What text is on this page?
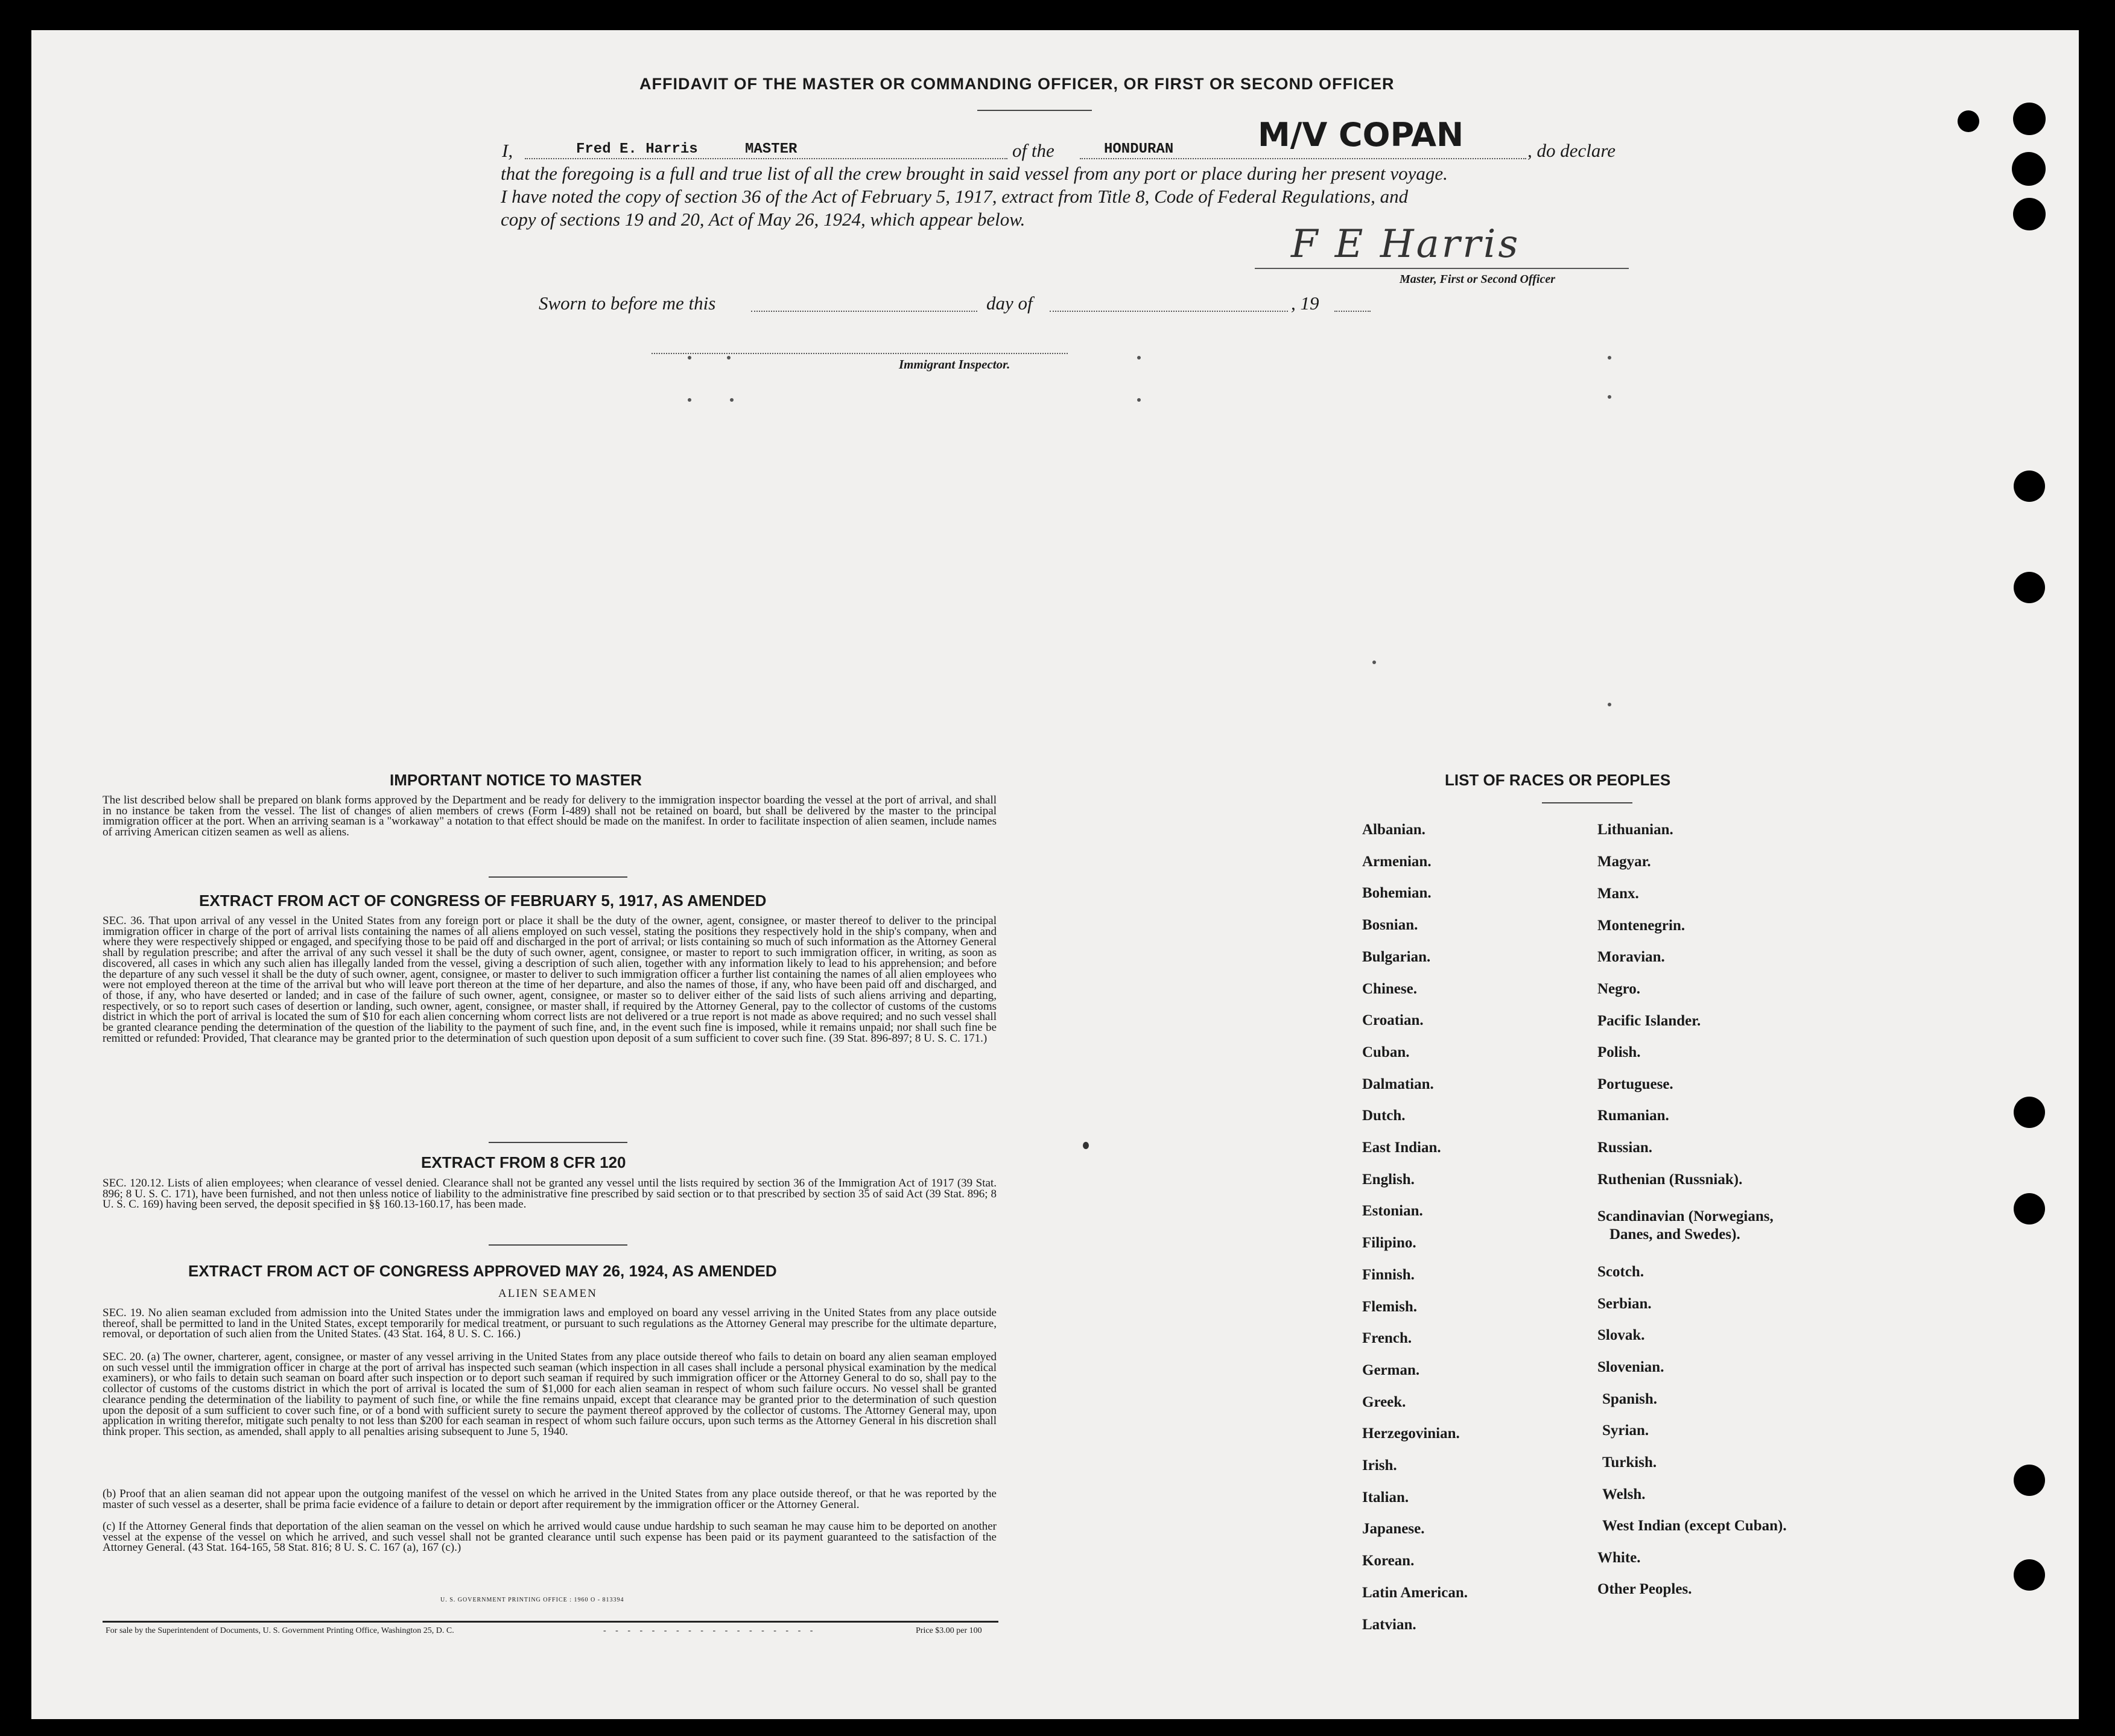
AFFIDAVIT OF THE MASTER OR COMMANDING OFFICER, OR FIRST OR SECOND OFFICER
I,	Fred E. Harris	MASTER	of the	HONDURAN	M/V COPAN	, do declare
that the foregoing is a full and true list of all the crew brought in said vessel from any port or place during her present voyage.
I have noted the copy of section 36 of the Act of February 5, 1917, extract from Title 8, Code of Federal Regulations, and
copy of sections 19 and 20, Act of May 26, 1924, which appear below.
F E Harris
Master, First or Second Officer
Sworn to before me this	day of	, 19
Immigrant Inspector.
IMPORTANT NOTICE TO MASTER
The list described below shall be prepared on blank forms approved by the Department and be ready for delivery to the immigration inspector boarding the vessel at the port of arrival, and shall in no instance be taken from the vessel. The list of changes of alien members of crews (Form I-489) shall not be retained on board, but shall be delivered by the master to the principal immigration officer at the port. When an arriving seaman is a "workaway" a notation to that effect should be made on the manifest. In order to facilitate inspection of alien seamen, include names of arriving American citizen seamen as well as aliens.
EXTRACT FROM ACT OF CONGRESS OF FEBRUARY 5, 1917, AS AMENDED
SEC. 36. That upon arrival of any vessel in the United States from any foreign port or place it shall be the duty of the owner, agent, consignee, or master thereof to deliver to the principal immigration officer in charge of the port of arrival lists containing the names of all aliens employed on such vessel, stating the positions they respectively hold in the ship's company, when and where they were respectively shipped or engaged, and specifying those to be paid off and discharged in the port of arrival; or lists containing so much of such information as the Attorney General shall by regulation prescribe; and after the arrival of any such vessel it shall be the duty of such owner, agent, consignee, or master to report to such immigration officer, in writing, as soon as discovered, all cases in which any such alien has illegally landed from the vessel, giving a description of such alien, together with any information likely to lead to his apprehension; and before the departure of any such vessel it shall be the duty of such owner, agent, consignee, or master to deliver to such immigration officer a further list containing the names of all alien employees who were not employed thereon at the time of the arrival but who will leave port thereon at the time of her departure, and also the names of those, if any, who have been paid off and discharged, and of those, if any, who have deserted or landed; and in case of the failure of such owner, agent, consignee, or master so to deliver either of the said lists of such aliens arriving and departing, respectively, or so to report such cases of desertion or landing, such owner, agent, consignee, or master shall, if required by the Attorney General, pay to the collector of customs of the customs district in which the port of arrival is located the sum of $10 for each alien concerning whom correct lists are not delivered or a true report is not made as above required; and no such vessel shall be granted clearance pending the determination of the question of the liability to the payment of such fine, and, in the event such fine is imposed, while it remains unpaid; nor shall such fine be remitted or refunded: Provided, That clearance may be granted prior to the determination of such question upon deposit of a sum sufficient to cover such fine. (39 Stat. 896-897; 8 U. S. C. 171.)
EXTRACT FROM 8 CFR 120
SEC. 120.12. Lists of alien employees; when clearance of vessel denied. Clearance shall not be granted any vessel until the lists required by section 36 of the Immigration Act of 1917 (39 Stat. 896; 8 U. S. C. 171), have been furnished, and not then unless notice of liability to the administrative fine prescribed by said section or to that prescribed by section 35 of said Act (39 Stat. 896; 8 U. S. C. 169) having been served, the deposit specified in §§ 160.13-160.17, has been made.
EXTRACT FROM ACT OF CONGRESS APPROVED MAY 26, 1924, AS AMENDED
ALIEN SEAMEN
SEC. 19. No alien seaman excluded from admission into the United States under the immigration laws and employed on board any vessel arriving in the United States from any place outside thereof, shall be permitted to land in the United States, except temporarily for medical treatment, or pursuant to such regulations as the Attorney General may prescribe for the ultimate departure, removal, or deportation of such alien from the United States. (43 Stat. 164, 8 U. S. C. 166.)
SEC. 20. (a) The owner, charterer, agent, consignee, or master of any vessel arriving in the United States from any place outside thereof who fails to detain on board any alien seaman employed on such vessel until the immigration officer in charge at the port of arrival has inspected such seaman (which inspection in all cases shall include a personal physical examination by the medical examiners), or who fails to detain such seaman on board after such inspection or to deport such seaman if required by such immigration officer or the Attorney General to do so, shall pay to the collector of customs of the customs district in which the port of arrival is located the sum of $1,000 for each alien seaman in respect of whom such failure occurs. No vessel shall be granted clearance pending the determination of the liability to payment of such fine, or while the fine remains unpaid, except that clearance may be granted prior to the determination of such question upon the deposit of a sum sufficient to cover such fine, or of a bond with sufficient surety to secure the payment thereof approved by the collector of customs. The Attorney General may, upon application in writing therefor, mitigate such penalty to not less than $200 for each seaman in respect of whom such failure occurs, upon such terms as the Attorney General in his discretion shall think proper. This section, as amended, shall apply to all penalties arising subsequent to June 5, 1940.
(b) Proof that an alien seaman did not appear upon the outgoing manifest of the vessel on which he arrived in the United States from any place outside thereof, or that he was reported by the master of such vessel as a deserter, shall be prima facie evidence of a failure to detain or deport after requirement by the immigration officer or the Attorney General.
(c) If the Attorney General finds that deportation of the alien seaman on the vessel on which he arrived would cause undue hardship to such seaman he may cause him to be deported on another vessel at the expense of the vessel on which he arrived, and such vessel shall not be granted clearance until such expense has been paid or its payment guaranteed to the satisfaction of the Attorney General. (43 Stat. 164-165, 58 Stat. 816; 8 U. S. C. 167 (a), 167 (c).)
U. S. GOVERNMENT PRINTING OFFICE : 1960 O - 813394
For sale by the Superintendent of Documents, U. S. Government Printing Office, Washington 25, D. C.	- - - - - - - - - - - - - - - - - -	Price $3.00 per 100
LIST OF RACES OR PEOPLES
Albanian.
Armenian.
Bohemian.
Bosnian.
Bulgarian.
Chinese.
Croatian.
Cuban.
Dalmatian.
Dutch.
East Indian.
English.
Estonian.
Filipino.
Finnish.
Flemish.
French.
German.
Greek.
Herzegovinian.
Irish.
Italian.
Japanese.
Korean.
Latin American.
Latvian.
Lithuanian.
Magyar.
Manx.
Montenegrin.
Moravian.
Negro.
Pacific Islander.
Polish.
Portuguese.
Rumanian.
Russian.
Ruthenian (Russniak).
Scandinavian (Norwegians,
Danes, and Swedes).
Scotch.
Serbian.
Slovak.
Slovenian.
Spanish.
Syrian.
Turkish.
Welsh.
West Indian (except Cuban).
White.
Other Peoples.
